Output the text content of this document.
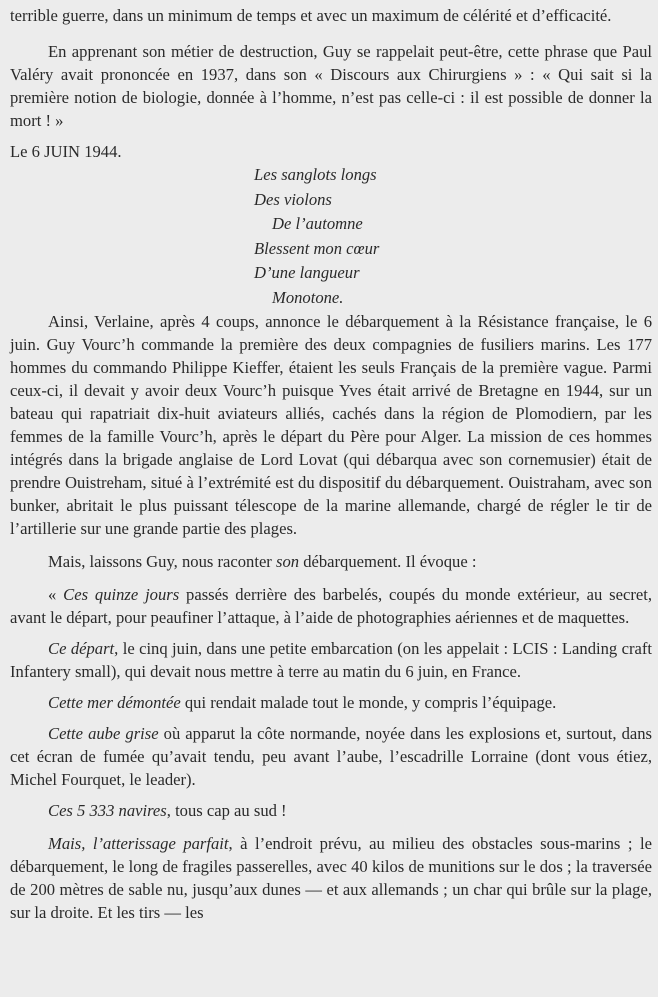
terrible guerre, dans un minimum de temps et avec un maximum de célérité et d’efficacité.

En apprenant son métier de destruction, Guy se rappelait peut-être, cette phrase que Paul Valéry avait prononcée en 1937, dans son « Discours aux Chirurgiens » : « Qui sait si la première notion de biologie, donnée à l’homme, n’est pas celle-ci : il est possible de donner la mort ! »

Le 6 JUIN 1944.

Les sanglots longs
Des violons
De l’automne
Blessent mon cœur
D’une langueur
Monotone.

Ainsi, Verlaine, après 4 coups, annonce le débarquement à la Résistance française, le 6 juin. Guy Vourc’h commande la première des deux compagnies de fusiliers marins. Les 177 hommes du commando Philippe Kieffer, étaient les seuls Français de la première vague. Parmi ceux-ci, il devait y avoir deux Vourc’h puisque Yves était arrivé de Bretagne en 1944, sur un bateau qui rapatriait dix-huit aviateurs alliés, cachés dans la région de Plomodiern, par les femmes de la famille Vourc’h, après le départ du Père pour Alger. La mission de ces hommes intégrés dans la brigade anglaise de Lord Lovat (qui débarqua avec son cornemusier) était de prendre Ouistreham, situé à l’extrémité est du dispositif du débarquement. Ouistraham, avec son bunker, abritait le plus puissant télescope de la marine allemande, chargé de régler le tir de l’artillerie sur une grande partie des plages.

Mais, laissons Guy, nous raconter son débarquement. Il évoque :

« Ces quinze jours passés derrière des barbelés, coupés du monde extérieur, au secret, avant le départ, pour peaufiner l’attaque, à l’aide de photographies aériennes et de maquettes.

Ce départ, le cinq juin, dans une petite embarcation (on les appelait : LCIS : Landing craft Infantery small), qui devait nous mettre à terre au matin du 6 juin, en France.

Cette mer démontée qui rendait malade tout le monde, y compris l’équipage.

Cette aube grise où apparut la côte normande, noyée dans les explosions et, surtout, dans cet écran de fumée qu’avait tendu, peu avant l’aube, l’escadrille Lorraine (dont vous étiez, Michel Fourquet, le leader).

Ces 5 333 navires, tous cap au sud !

Mais, l’atterissage parfait, à l’endroit prévu, au milieu des obstacles sous-marins ; le débarquement, le long de fragiles passerelles, avec 40 kilos de munitions sur le dos ; la traversée de 200 mètres de sable nu, jusqu’aux dunes — et aux allemands ; un char qui brûle sur la plage, sur la droite. Et les tirs — les
